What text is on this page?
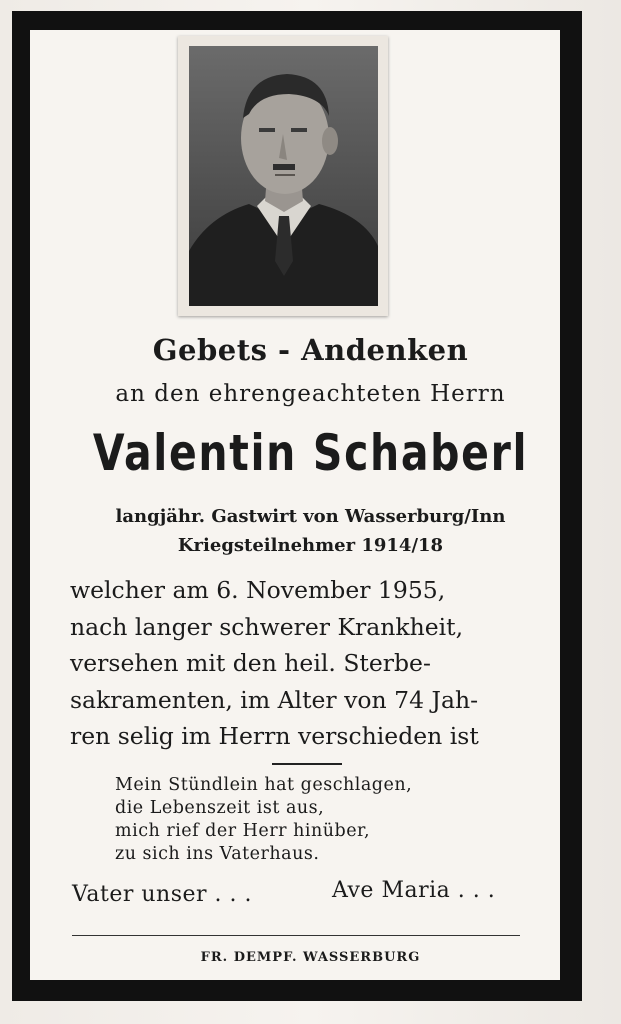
Gebets - Andenken
an den ehrengeachteten Herrn
Valentin Schaberl
langjähr. Gastwirt von Wasserburg/Inn
Kriegsteilnehmer 1914/18
welcher am 6. November 1955,
nach langer schwerer Krankheit,
versehen mit den heil. Sterbe-
sakramenten, im Alter von 74 Jah-
ren selig im Herrn verschieden ist
Mein Stündlein hat geschlagen,
die Lebenszeit ist aus,
mich rief der Herr hinüber,
zu sich ins Vaterhaus.
Vater unser . . .	Ave Maria . . .
FR. DEMPF. WASSERBURG
